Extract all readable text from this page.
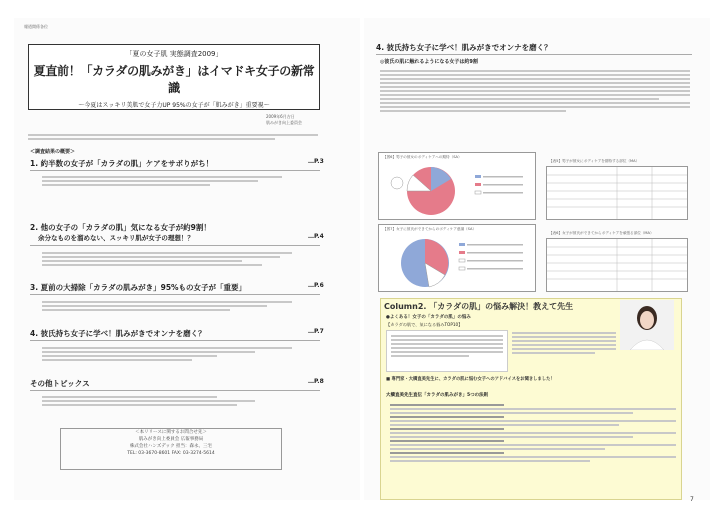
報道関係各位
「夏の女子肌 実態調査2009」
夏直前！「カラダの肌みがき」はイマドキ女子の新常識
〜今夏はスッキリ美肌で女子力UP 95%の女子が「肌みがき」重要視〜
2009年6月吉日
肌みがき向上委員会
＜調査結果の概要＞
1. 約半数の女子が「カラダの肌」ケアをサボりがち！	…P.3
2. 他の女子の「カラダの肌」気になる女子が約9割！
余分なものを溜めない、スッキリ肌が女子の理想！？	…P.4
3. 夏前の大掃除「カラダの肌みがき」95%もの女子が「重要」	…P.6
4. 彼氏持ち女子に学べ！肌みがきでオンナを磨く？	…P.7
その他トピックス	…P.8
＜本リリースに関するお問合せ先＞
肌みがき向上委員会 広報事務局
株式会社ハンズデック 担当：森永、三宅
TEL: 03-3670-8601 FAX: 03-3274-5614
4. 彼氏持ち女子に学べ！肌みがきでオンナを磨く？
◎彼氏の肌に触れるようになる女子は約9割
【図6】男子の彼女のボディケアへの期待（SA）
【表5】男子が彼女にボディケアを期待する部位（MA）
【図7】女子に彼氏ができてからのボディケア意識（SA）
【表6】女子が彼氏ができてからボディケアを頑張る部位（MA）
Column2. 「カラダの肌」の悩み解決！教えて先生
●よくある！女子の「カラダの肌」の悩み
【カラダの肌で、気になる悩みTOP10】
■ 専門家・大橋直美先生に、カラダの肌に悩む女子へのアドバイスをお聞きしました！
大橋直美先生直伝「カラダの肌みがき」5つの法則
7
